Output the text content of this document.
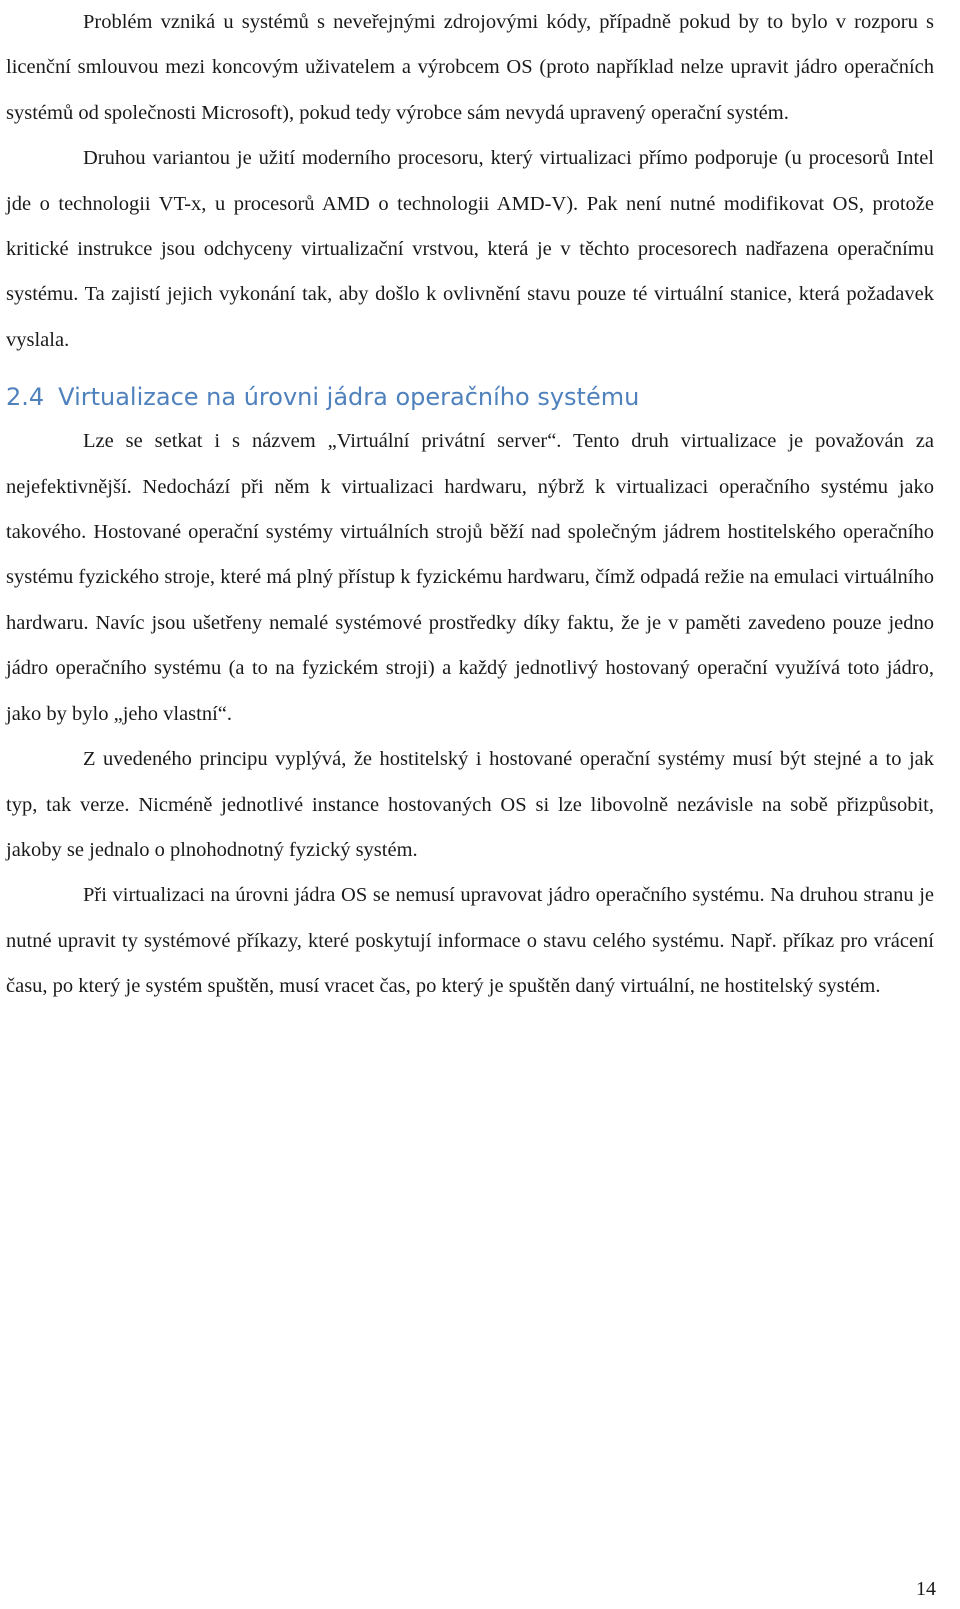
Problém vzniká u systémů s neveřejnými zdrojovými kódy, případně pokud by to bylo v rozporu s licenční smlouvou mezi koncovým uživatelem a výrobcem OS (proto například nelze upravit jádro operačních systémů od společnosti Microsoft), pokud tedy výrobce sám nevydá upravený operační systém.

Druhou variantou je užití moderního procesoru, který virtualizaci přímo podporuje (u procesorů Intel jde o technologii VT-x, u procesorů AMD o technologii AMD-V). Pak není nutné modifikovat OS, protože kritické instrukce jsou odchyceny virtualizační vrstvou, která je v těchto procesorech nadřazena operačnímu systému. Ta zajistí jejich vykonání tak, aby došlo k ovlivnění stavu pouze té virtuální stanice, která požadavek vyslala.

2.4 Virtualizace na úrovni jádra operačního systému

Lze se setkat i s názvem „Virtuální privátní server“. Tento druh virtualizace je považován za nejefektivnější. Nedochází při něm k virtualizaci hardwaru, nýbrž k virtualizaci operačního systému jako takového. Hostované operační systémy virtuálních strojů běží nad společným jádrem hostitelského operačního systému fyzického stroje, které má plný přístup k fyzickému hardwaru, čímž odpadá režie na emulaci virtuálního hardwaru. Navíc jsou ušetřeny nemalé systémové prostředky díky faktu, že je v paměti zavedeno pouze jedno jádro operačního systému (a to na fyzickém stroji) a každý jednotlivý hostovaný operační využívá toto jádro, jako by bylo „jeho vlastní“.

Z uvedeného principu vyplývá, že hostitelský i hostované operační systémy musí být stejné a to jak typ, tak verze. Nicméně jednotlivé instance hostovaných OS si lze libovolně nezávisle na sobě přizpůsobit, jakoby se jednalo o plnohodnotný fyzický systém.

Při virtualizaci na úrovni jádra OS se nemusí upravovat jádro operačního systému. Na druhou stranu je nutné upravit ty systémové příkazy, které poskytují informace o stavu celého systému. Např. příkaz pro vrácení času, po který je systém spuštěn, musí vracet čas, po který je spuštěn daný virtuální, ne hostitelský systém.

14
